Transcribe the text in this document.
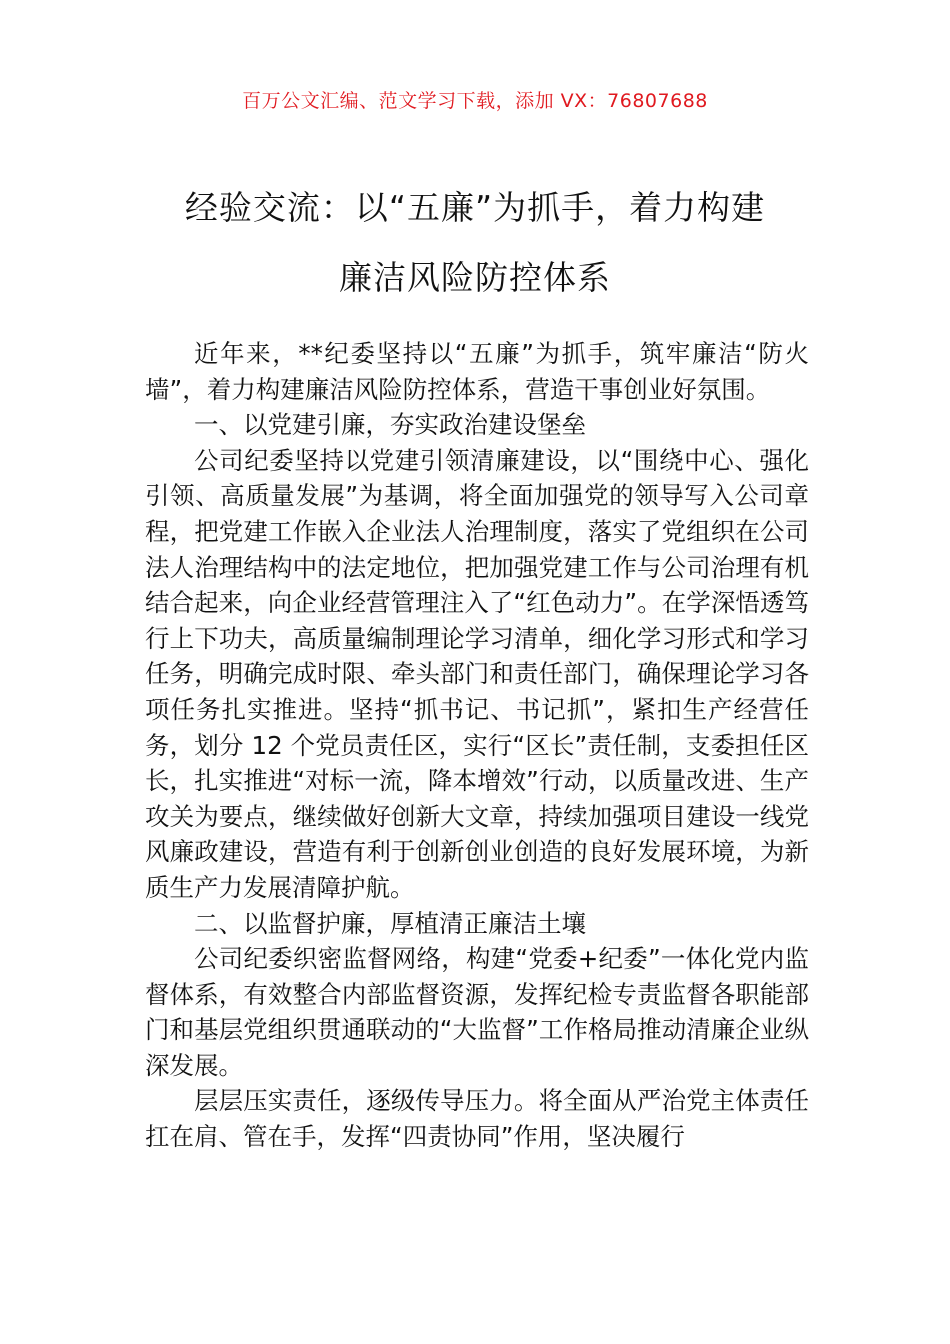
百万公文汇编、范文学习下载，添加 VX：76807688
经验交流：以“五廉”为抓手，着力构建
廉洁风险防控体系

近年来，**纪委坚持以“五廉”为抓手，筑牢廉洁“防火墙”，着力构建廉洁风险防控体系，营造干事创业好氛围。

一、以党建引廉，夯实政治建设堡垒

公司纪委坚持以党建引领清廉建设，以“围绕中心、强化引领、高质量发展”为基调，将全面加强党的领导写入公司章程，把党建工作嵌入企业法人治理制度，落实了党组织在公司法人治理结构中的法定地位，把加强党建工作与公司治理有机结合起来，向企业经营管理注入了“红色动力”。在学深悟透笃行上下功夫，高质量编制理论学习清单，细化学习形式和学习任务，明确完成时限、牵头部门和责任部门，确保理论学习各项任务扎实推进。坚持“抓书记、书记抓”，紧扣生产经营任务，划分 12 个党员责任区，实行“区长”责任制，支委担任区长，扎实推进“对标一流，降本增效”行动，以质量改进、生产攻关为要点，继续做好创新大文章，持续加强项目建设一线党风廉政建设，营造有利于创新创业创造的良好发展环境，为新质生产力发展清障护航。

二、以监督护廉，厚植清正廉洁土壤

公司纪委织密监督网络，构建“党委+纪委”一体化党内监督体系，有效整合内部监督资源，发挥纪检专责监督各职能部门和基层党组织贯通联动的“大监督”工作格局推动清廉企业纵深发展。

层层压实责任，逐级传导压力。将全面从严治党主体责任扛在肩、管在手，发挥“四责协同”作用，坚决履行
